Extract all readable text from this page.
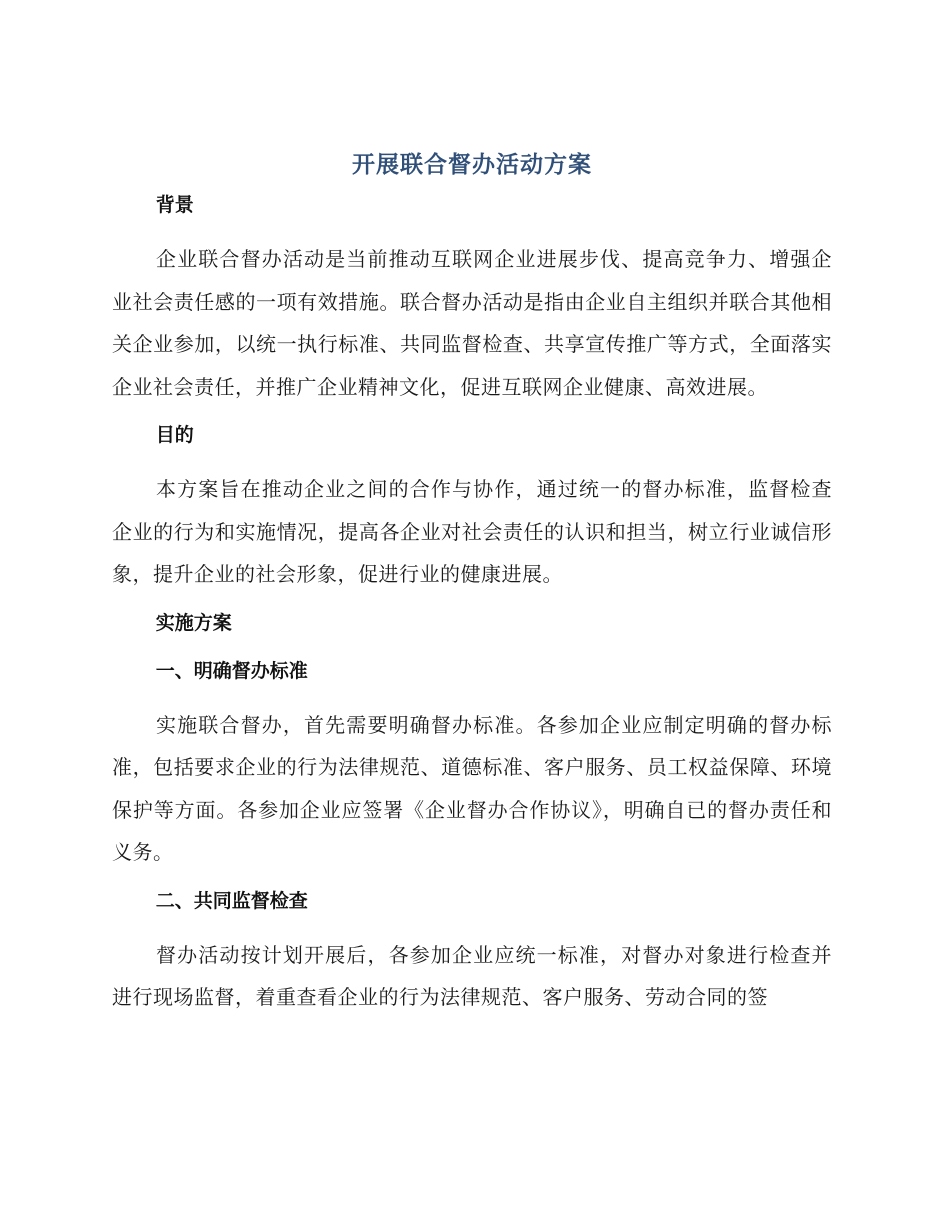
开展联合督办活动方案
背景

企业联合督办活动是当前推动互联网企业进展步伐、提高竞争力、增强企业社会责任感的一项有效措施。联合督办活动是指由企业自主组织并联合其他相关企业参加，以统一执行标准、共同监督检查、共享宣传推广等方式，全面落实企业社会责任，并推广企业精神文化，促进互联网企业健康、高效进展。

目的

本方案旨在推动企业之间的合作与协作，通过统一的督办标准，监督检查企业的行为和实施情况，提高各企业对社会责任的认识和担当，树立行业诚信形象，提升企业的社会形象，促进行业的健康进展。

实施方案
一、明确督办标准

实施联合督办，首先需要明确督办标准。各参加企业应制定明确的督办标准，包括要求企业的行为法律规范、道德标准、客户服务、员工权益保障、环境保护等方面。各参加企业应签署《企业督办合作协议》，明确自已的督办责任和义务。

二、共同监督检查

督办活动按计划开展后，各参加企业应统一标准，对督办对象进行检查并进行现场监督，着重查看企业的行为法律规范、客户服务、劳动合同的签
